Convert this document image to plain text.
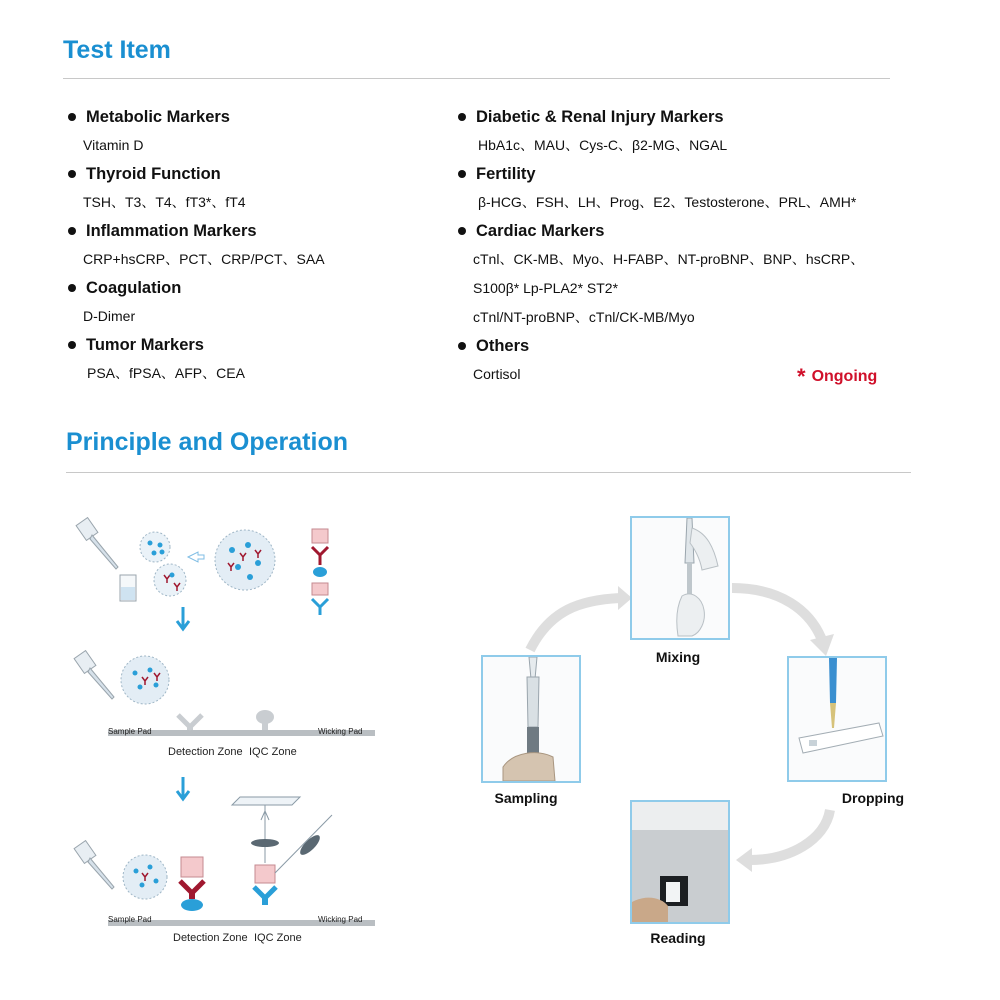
Test Item
Metabolic Markers
Vitamin D
Thyroid Function
TSH、T3、T4、fT3*、fT4
Inflammation Markers
CRP+hsCRP、PCT、CRP/PCT、SAA
Coagulation
D-Dimer
Tumor Markers
PSA、fPSA、AFP、CEA
Diabetic & Renal Injury Markers
HbA1c、MAU、Cys-C、β2-MG、NGAL
Fertility
β-HCG、FSH、LH、Prog、E2、Testosterone、PRL、AMH*
Cardiac Markers
cTnl、CK-MB、Myo、H-FABP、NT-proBNP、BNP、hsCRP、
S100β* Lp-PLA2* ST2*
cTnl/NT-proBNP、cTnl/CK-MB/Myo
Others
Cortisol	* Ongoing
Principle and Operation
Sample Pad	Wicking Pad
Detection Zone IQC Zone
Sample Pad	Wicking Pad
Detection Zone IQC Zone
Mixing
Sampling	Dropping
Reading
